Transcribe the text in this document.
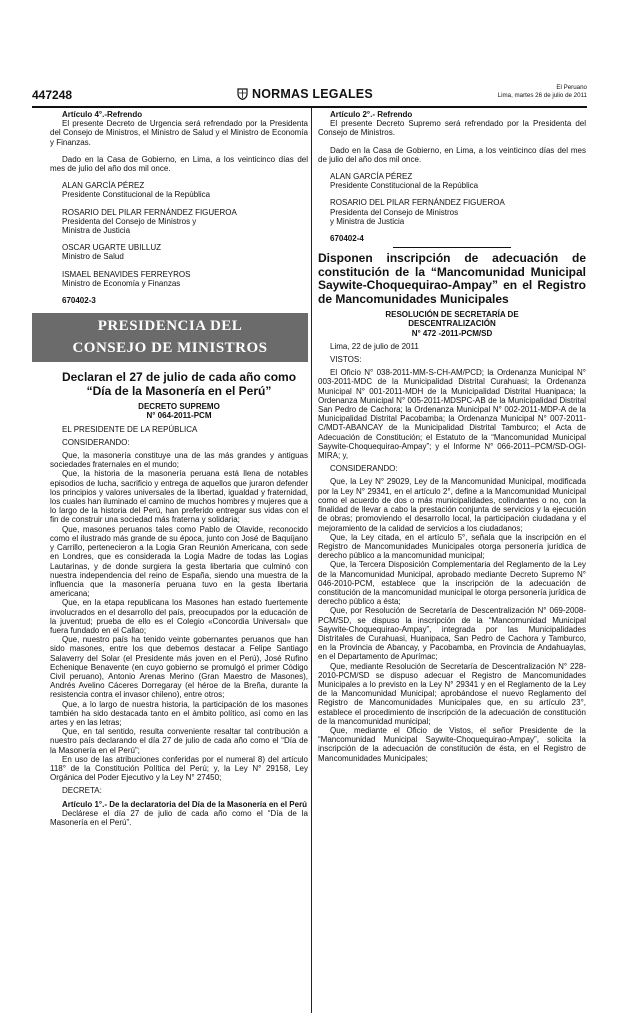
447248	NORMAS LEGALES	El Peruano
Lima, martes 26 de julio de 2011

Artículo 4°.-Refrendo

El presente Decreto de Urgencia será refrendado por la Presidenta del Consejo de Ministros, el Ministro de Salud y el Ministro de Economía y Finanzas.

Dado en la Casa de Gobierno, en Lima, a los veinticinco días del mes de julio del año dos mil once.

ALAN GARCÍA PÉREZ

Presidente Constitucional de la República

ROSARIO DEL PILAR FERNÁNDEZ FIGUEROA

Presidenta del Consejo de Ministros y

Ministra de Justicia

OSCAR UGARTE UBILLUZ

Ministro de Salud

ISMAEL BENAVIDES FERREYROS

Ministro de Economía y Finanzas

670402-3

PRESIDENCIA DEL
CONSEJO DE MINISTROS

Declaran el 27 de julio de cada año como “Día de la Masonería en el Perú”

DECRETO SUPREMO

N° 064-2011-PCM

EL PRESIDENTE DE LA REPÚBLICA

CONSIDERANDO:

Que, la masonería constituye una de las más grandes y antiguas sociedades fraternales en el mundo;

Que, la historia de la masonería peruana está llena de notables episodios de lucha, sacrificio y entrega de aquellos que juraron defender los principios y valores universales de la libertad, igualdad y fraternidad, los cuales han iluminado el camino de muchos hombres y mujeres que a lo largo de la historia del Perú, han preferido entregar sus vidas con el fin de construir una sociedad más fraterna y solidaria;

Que, masones peruanos tales como Pablo de Olavide, reconocido como el ilustrado más grande de su época, junto con José de Baquíjano y Carrillo, pertenecieron a la Logia Gran Reunión Americana, con sede en Londres, que es considerada la Logia Madre de todas las Logias Lautarinas, y de donde surgiera la gesta libertaria que culminó con nuestra independencia del reino de España, siendo una muestra de la influencia que la masonería peruana tuvo en la gesta libertaria americana;

Que, en la etapa republicana los Masones han estado fuertemente involucrados en el desarrollo del país, preocupados por la educación de la juventud; prueba de ello es el Colegio «Concordia Universal» que fuera fundado en el Callao;

Que, nuestro país ha tenido veinte gobernantes peruanos que han sido masones, entre los que debemos destacar a Felipe Santiago Salaverry del Solar (el Presidente más joven en el Perú), José Rufino Echenique Benavente (en cuyo gobierno se promulgó el primer Código Civil peruano), Antonio Arenas Merino (Gran Maestro de Masones), Andrés Avelino Cáceres Dorregaray (el héroe de la Breña, durante la resistencia contra el invasor chileno), entre otros;

Que, a lo largo de nuestra historia, la participación de los masones también ha sido destacada tanto en el ámbito político, así como en las artes y en las letras;

Que, en tal sentido, resulta conveniente resaltar tal contribución a nuestro país declarando el día 27 de julio de cada año como el “Día de la Masonería en el Perú”;

En uso de las atribuciones conferidas por el numeral 8) del artículo 118° de la Constitución Política del Perú; y, la Ley N° 29158, Ley Orgánica del Poder Ejecutivo y la Ley N° 27450;

DECRETA:

Artículo 1°.- De la declaratoria del Día de la Masonería en el Perú

Declárese el día 27 de julio de cada año como el “Día de la Masonería en el Perú”.

Artículo 2°.- Refrendo

El presente Decreto Supremo será refrendado por la Presidenta del Consejo de Ministros.

Dado en la Casa de Gobierno, en Lima, a los veinticinco días del mes de julio del año dos mil once.

ALAN GARCÍA PÉREZ

Presidente Constitucional de la República

ROSARIO DEL PILAR FERNÁNDEZ FIGUEROA

Presidenta del Consejo de Ministros

y Ministra de Justicia

670402-4

Disponen inscripción de adecuación de constitución de la “Mancomunidad Municipal Saywite-Choquequirao-Ampay” en el Registro de Mancomunidades Municipales

RESOLUCIÓN DE SECRETARÍA DE

DESCENTRALIZACIÓN

N° 472 -2011-PCM/SD

Lima, 22 de julio de 2011

VISTOS:

El Oficio N° 038-2011-MM-S-CH-AM/PCD; la Ordenanza Municipal N° 003-2011-MDC de la Municipalidad Distrital Curahuasi; la Ordenanza Municipal N° 001-2011-MDH de la Municipalidad Distrital Huanipaca; la Ordenanza Municipal N° 005-2011-MDSPC-AB de la Municipalidad Distrital San Pedro de Cachora; la Ordenanza Municipal N° 002-2011-MDP-A de la Municipalidad Distrital Pacobamba; la Ordenanza Municipal N° 007-2011-C/MDT-ABANCAY de la Municipalidad Distrital Tamburco; el Acta de Adecuación de Constitución; el Estatuto de la “Mancomunidad Municipal Saywite-Choquequirao-Ampay”; y el Informe N° 066-2011–PCM/SD-OGI-MIRA; y,

CONSIDERANDO:

Que, la Ley N° 29029, Ley de la Mancomunidad Municipal, modificada por la Ley N° 29341, en el artículo 2°, define a la Mancomunidad Municipal como el acuerdo de dos o más municipalidades, colindantes o no, con la finalidad de llevar a cabo la prestación conjunta de servicios y la ejecución de obras; promoviendo el desarrollo local, la participación ciudadana y el mejoramiento de la calidad de servicios a los ciudadanos;

Que, la Ley citada, en el artículo 5°, señala que la inscripción en el Registro de Mancomunidades Municipales otorga personería jurídica de derecho público a la mancomunidad municipal;

Que, la Tercera Disposición Complementaria del Reglamento de la Ley de la Mancomunidad Municipal, aprobado mediante Decreto Supremo N° 046-2010-PCM, establece que la inscripción de la adecuación de constitución de la mancomunidad municipal le otorga personería jurídica de derecho público a ésta;

Que, por Resolución de Secretaría de Descentralización N° 069-2008-PCM/SD, se dispuso la inscripción de la “Mancomunidad Municipal Saywite-Choquequirao-Ampay”, integrada por las Municipalidades Distritales de Curahuasi, Huanipaca, San Pedro de Cachora y Tamburco, en la Provincia de Abancay, y Pacobamba, en Provincia de Andahuaylas, en el Departamento de Apurímac;

Que, mediante Resolución de Secretaría de Descentralización N° 228-2010-PCM/SD se dispuso adecuar el Registro de Mancomunidades Municipales a lo previsto en la Ley N° 29341 y en el Reglamento de la Ley de la Mancomunidad Municipal; aprobándose el nuevo Reglamento del Registro de Mancomunidades Municipales que, en su artículo 23°, establece el procedimiento de inscripción de la adecuación de constitución de la mancomunidad municipal;

Que, mediante el Oficio de Vistos, el señor Presidente de la “Mancomunidad Municipal Saywite-Choquequirao-Ampay”, solicita la inscripción de la adecuación de constitución de ésta, en el Registro de Mancomunidades Municipales;
